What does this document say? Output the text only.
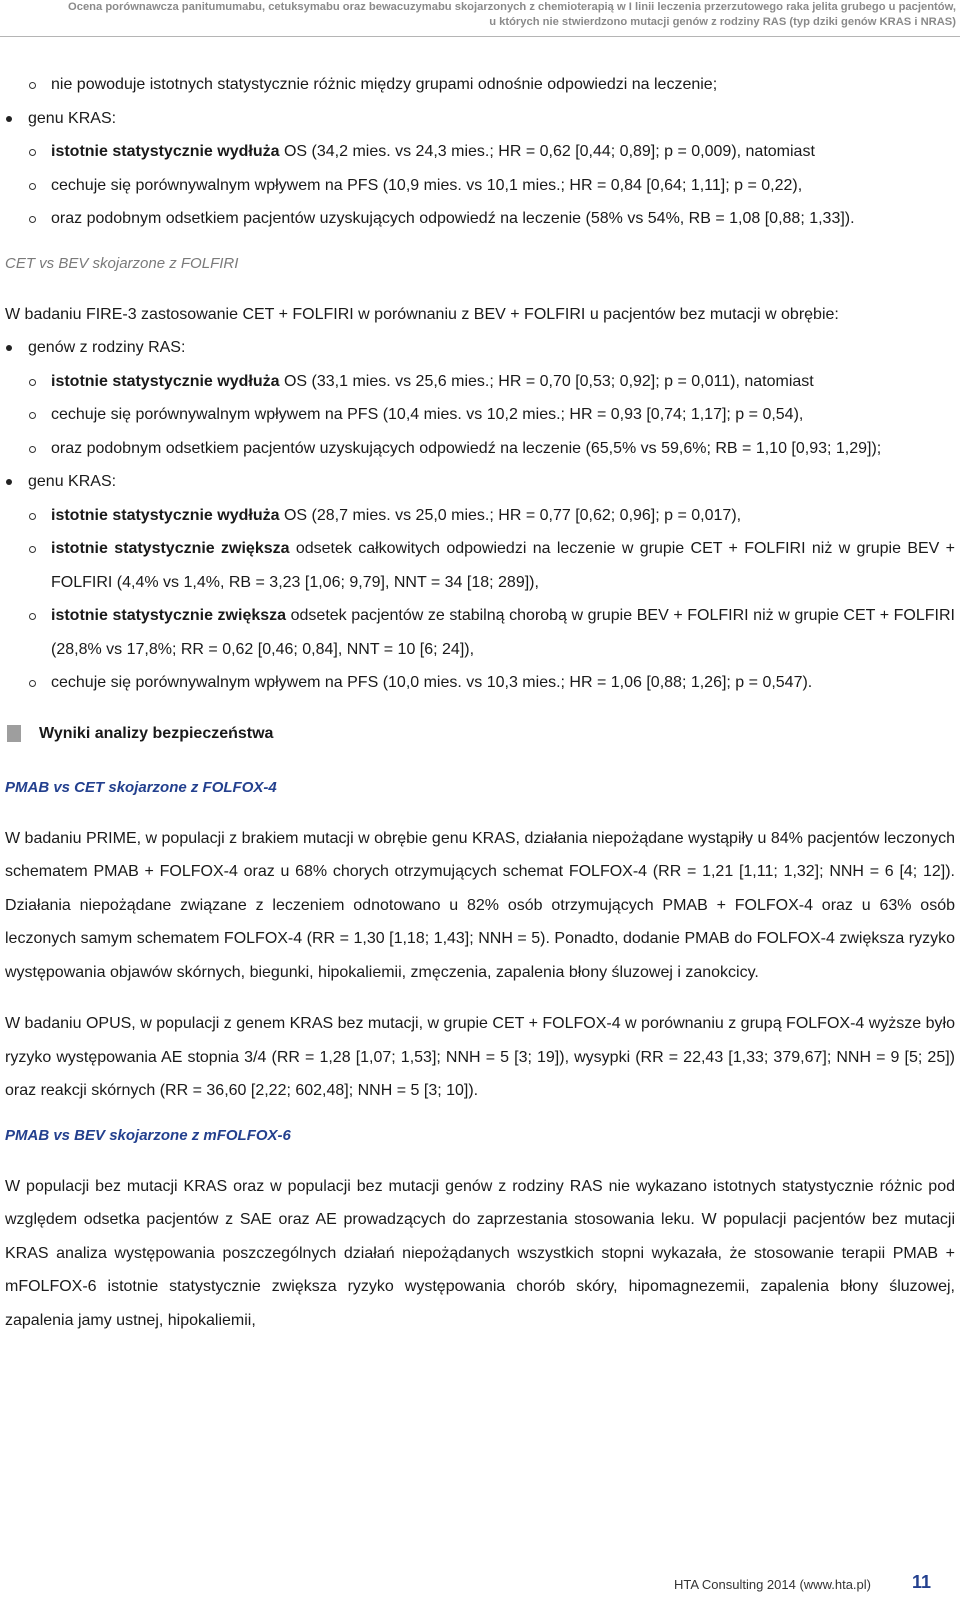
Ocena porównawcza panitumumabu, cetuksymabu oraz bewacuzymabu skojarzonych z chemioterapią w I linii leczenia przerzutowego raka jelita grubego u pacjentów,
u których nie stwierdzono mutacji genów z rodziny RAS (typ dziki genów KRAS i NRAS)
nie powoduje istotnych statystycznie różnic między grupami odnośnie odpowiedzi na leczenie;
genu KRAS:
istotnie statystycznie wydłuża OS (34,2 mies. vs 24,3 mies.; HR = 0,62 [0,44; 0,89]; p = 0,009), natomiast
cechuje się porównywalnym wpływem na PFS (10,9 mies. vs 10,1 mies.; HR = 0,84 [0,64; 1,11]; p = 0,22),
oraz podobnym odsetkiem pacjentów uzyskujących odpowiedź na leczenie (58% vs 54%, RB = 1,08 [0,88; 1,33]).
CET vs BEV skojarzone z FOLFIRI
W badaniu FIRE-3 zastosowanie CET + FOLFIRI w porównaniu z BEV + FOLFIRI u pacjentów bez mutacji w obrębie:
genów z rodziny RAS:
istotnie statystycznie wydłuża OS (33,1 mies. vs 25,6 mies.; HR = 0,70 [0,53; 0,92]; p = 0,011), natomiast
cechuje się porównywalnym wpływem na PFS (10,4 mies. vs 10,2 mies.; HR = 0,93 [0,74; 1,17]; p = 0,54),
oraz podobnym odsetkiem pacjentów uzyskujących odpowiedź na leczenie (65,5% vs 59,6%; RB = 1,10 [0,93; 1,29]);
genu KRAS:
istotnie statystycznie wydłuża OS (28,7 mies. vs 25,0 mies.; HR = 0,77 [0,62; 0,96]; p = 0,017),
istotnie statystycznie zwiększa odsetek całkowitych odpowiedzi na leczenie w grupie CET + FOLFIRI niż w grupie BEV + FOLFIRI (4,4% vs 1,4%, RB = 3,23 [1,06; 9,79], NNT = 34 [18; 289]),
istotnie statystycznie zwiększa odsetek pacjentów ze stabilną chorobą w grupie BEV + FOLFIRI niż w grupie CET + FOLFIRI (28,8% vs 17,8%; RR = 0,62 [0,46; 0,84], NNT = 10 [6; 24]),
cechuje się porównywalnym wpływem na PFS (10,0 mies. vs 10,3 mies.; HR = 1,06 [0,88; 1,26]; p = 0,547).
Wyniki analizy bezpieczeństwa
PMAB vs CET skojarzone z FOLFOX-4
W badaniu PRIME, w populacji z brakiem mutacji w obrębie genu KRAS, działania niepożądane wystąpiły u 84% pacjentów leczonych schematem PMAB + FOLFOX-4 oraz u 68% chorych otrzymujących schemat FOLFOX-4 (RR = 1,21 [1,11; 1,32]; NNH = 6 [4; 12]). Działania niepożądane związane z leczeniem odnotowano u 82% osób otrzymujących PMAB + FOLFOX-4 oraz u 63% osób leczonych samym schematem FOLFOX-4 (RR = 1,30 [1,18; 1,43]; NNH = 5). Ponadto, dodanie PMAB do FOLFOX-4 zwiększa ryzyko występowania objawów skórnych, biegunki, hipokaliemii, zmęczenia, zapalenia błony śluzowej i zanokcicy.
W badaniu OPUS, w populacji z genem KRAS bez mutacji, w grupie CET + FOLFOX-4 w porównaniu z grupą FOLFOX-4 wyższe było ryzyko występowania AE stopnia 3/4 (RR = 1,28 [1,07; 1,53]; NNH = 5 [3; 19]), wysypki (RR = 22,43 [1,33; 379,67]; NNH = 9 [5; 25]) oraz reakcji skórnych (RR = 36,60 [2,22; 602,48]; NNH = 5 [3; 10]).
PMAB vs BEV skojarzone z mFOLFOX-6
W populacji bez mutacji KRAS oraz w populacji bez mutacji genów z rodziny RAS nie wykazano istotnych statystycznie różnic pod względem odsetka pacjentów z SAE oraz AE prowadzących do zaprzestania stosowania leku. W populacji pacjentów bez mutacji KRAS analiza występowania poszczególnych działań niepożądanych wszystkich stopni wykazała, że stosowanie terapii PMAB + mFOLFOX-6 istotnie statystycznie zwiększa ryzyko występowania chorób skóry, hipomagnezemii, zapalenia błony śluzowej, zapalenia jamy ustnej, hipokaliemii,
HTA Consulting 2014 (www.hta.pl) 11
